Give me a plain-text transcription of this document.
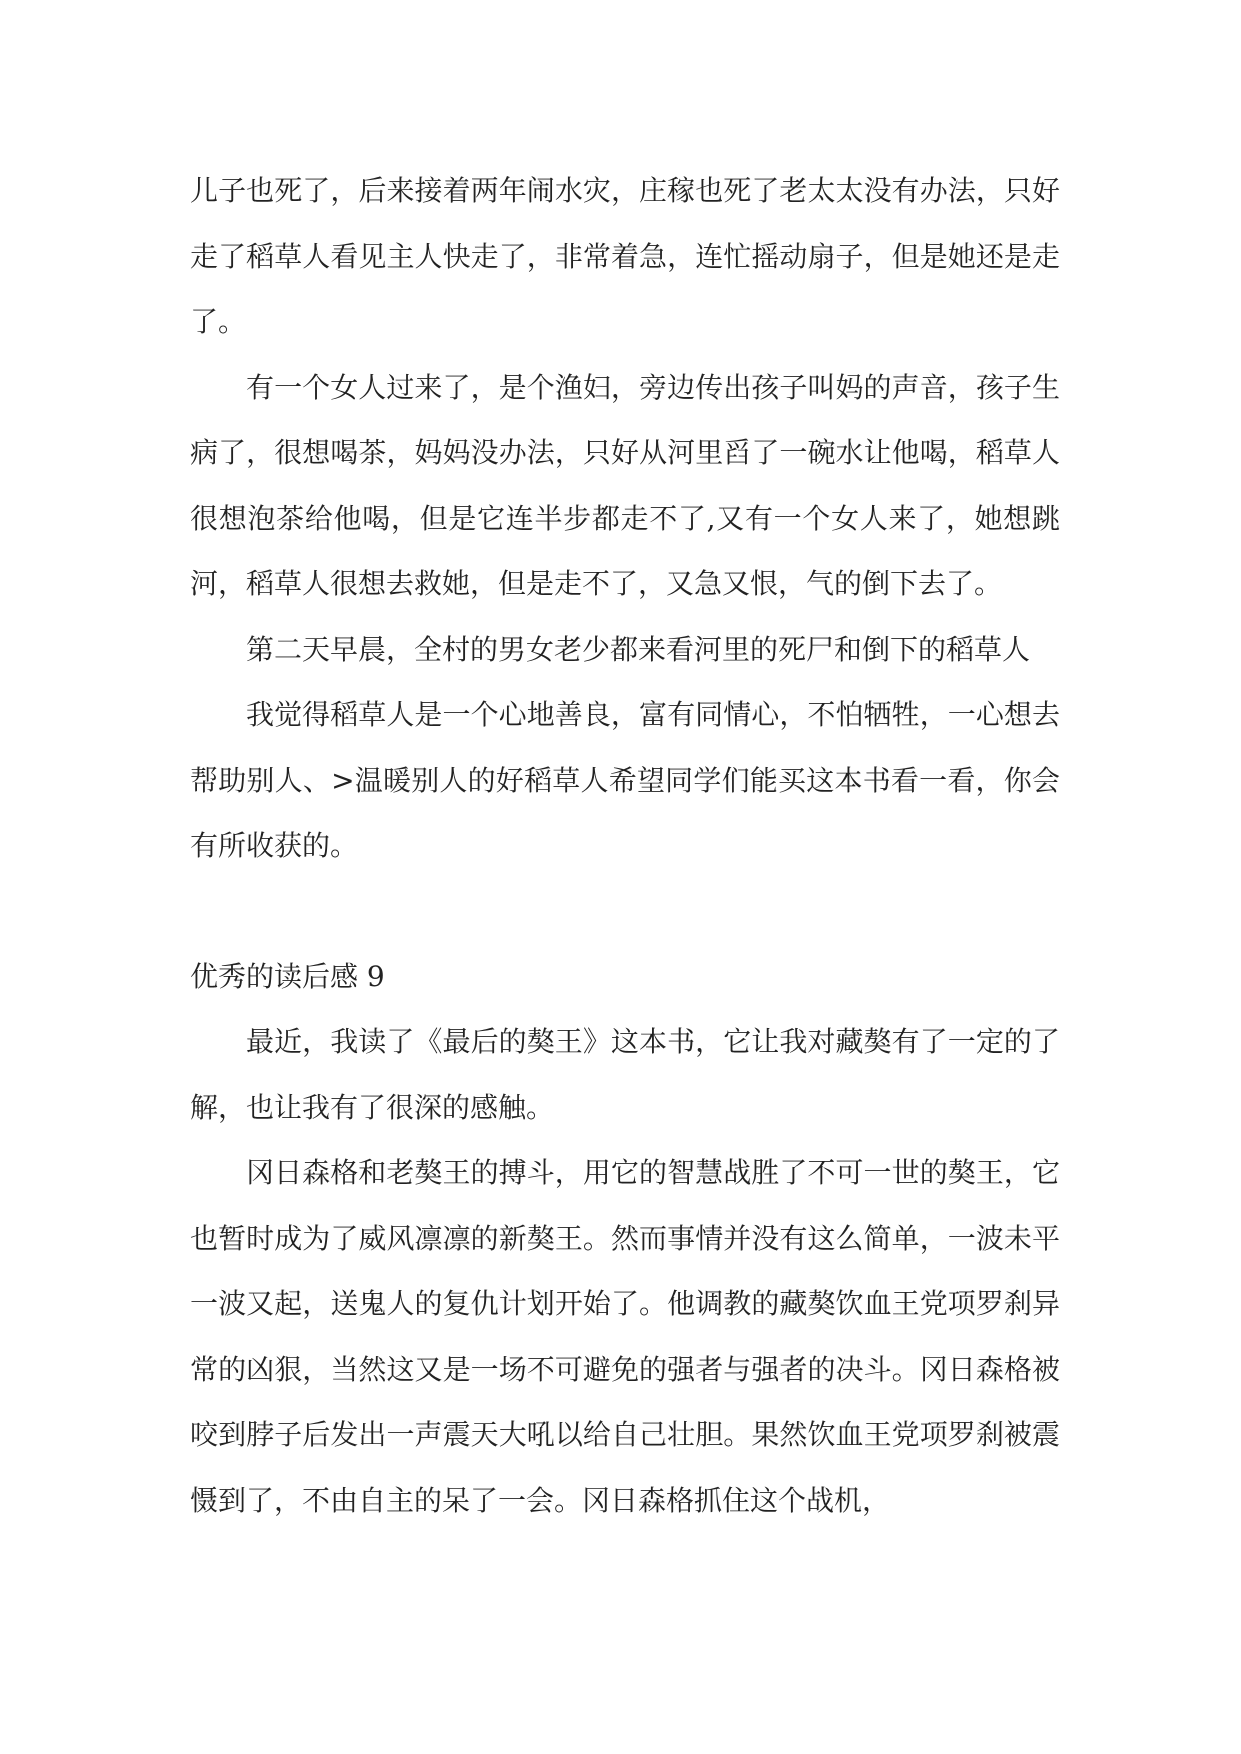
儿子也死了，后来接着两年闹水灾，庄稼也死了老太太没有办法，只好走了稻草人看见主人快走了，非常着急，连忙摇动扇子，但是她还是走了。

有一个女人过来了，是个渔妇，旁边传出孩子叫妈的声音，孩子生病了，很想喝茶，妈妈没办法，只好从河里舀了一碗水让他喝，稻草人很想泡茶给他喝，但是它连半步都走不了,又有一个女人来了，她想跳河，稻草人很想去救她，但是走不了，又急又恨，气的倒下去了。

第二天早晨，全村的男女老少都来看河里的死尸和倒下的稻草人

我觉得稻草人是一个心地善良，富有同情心，不怕牺牲，一心想去帮助别人、>温暖别人的好稻草人希望同学们能买这本书看一看，你会有所收获的。

优秀的读后感 9

最近，我读了《最后的獒王》这本书，它让我对藏獒有了一定的了解，也让我有了很深的感触。

冈日森格和老獒王的搏斗，用它的智慧战胜了不可一世的獒王，它也暂时成为了威风凛凛的新獒王。然而事情并没有这么简单，一波未平一波又起，送鬼人的复仇计划开始了。他调教的藏獒饮血王党项罗刹异常的凶狠，当然这又是一场不可避免的强者与强者的决斗。冈日森格被咬到脖子后发出一声震天大吼以给自己壮胆。果然饮血王党项罗刹被震慑到了，不由自主的呆了一会。冈日森格抓住这个战机，
